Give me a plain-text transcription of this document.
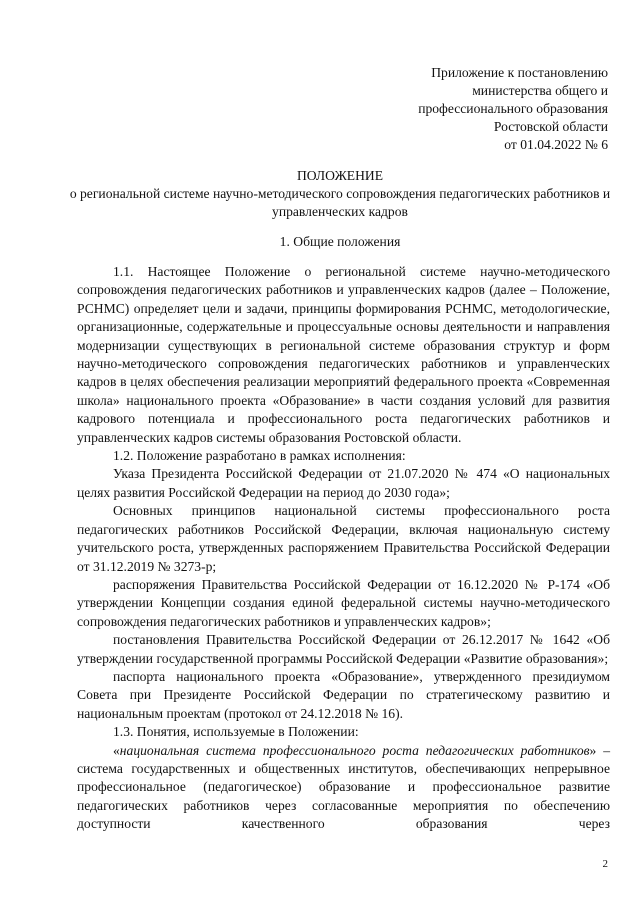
Приложение к постановлению
министерства общего и
профессионального образования
Ростовской области
от 01.04.2022 № 6
ПОЛОЖЕНИЕ
о региональной системе научно-методического сопровождения педагогических работников и управленческих кадров
1. Общие положения

1.1. Настоящее Положение о региональной системе научно-методического сопровождения педагогических работников и управленческих кадров (далее – Положение, РСНМС) определяет цели и задачи, принципы формирования РСНМС, методологические, организационные, содержательные и процессуальные основы деятельности и направления модернизации существующих в региональной системе образования структур и форм научно-методического сопровождения педагогических работников и управленческих кадров в целях обеспечения реализации мероприятий федерального проекта «Современная школа» национального проекта «Образование» в части создания условий для развития кадрового потенциала и профессионального роста педагогических работников и управленческих кадров системы образования Ростовской области.

1.2. Положение разработано в рамках исполнения:

Указа Президента Российской Федерации от 21.07.2020 № 474 «О национальных целях развития Российской Федерации на период до 2030 года»;

Основных принципов национальной системы профессионального роста педагогических работников Российской Федерации, включая национальную систему учительского роста, утвержденных распоряжением Правительства Российской Федерации от 31.12.2019 № 3273-р;

распоряжения Правительства Российской Федерации от 16.12.2020 № Р-174 «Об утверждении Концепции создания единой федеральной системы научно-методического сопровождения педагогических работников и управленческих кадров»;

постановления Правительства Российской Федерации от 26.12.2017 № 1642 «Об утверждении государственной программы Российской Федерации «Развитие образования»;

паспорта национального проекта «Образование», утвержденного президиумом Совета при Президенте Российской Федерации по стратегическому развитию и национальным проектам (протокол от 24.12.2018 № 16).

1.3. Понятия, используемые в Положении:

«национальная система профессионального роста педагогических работников» – система государственных и общественных институтов, обеспечивающих непрерывное профессиональное (педагогическое) образование и профессиональное развитие педагогических работников через согласованные мероприятия по обеспечению доступности качественного образования через

2
